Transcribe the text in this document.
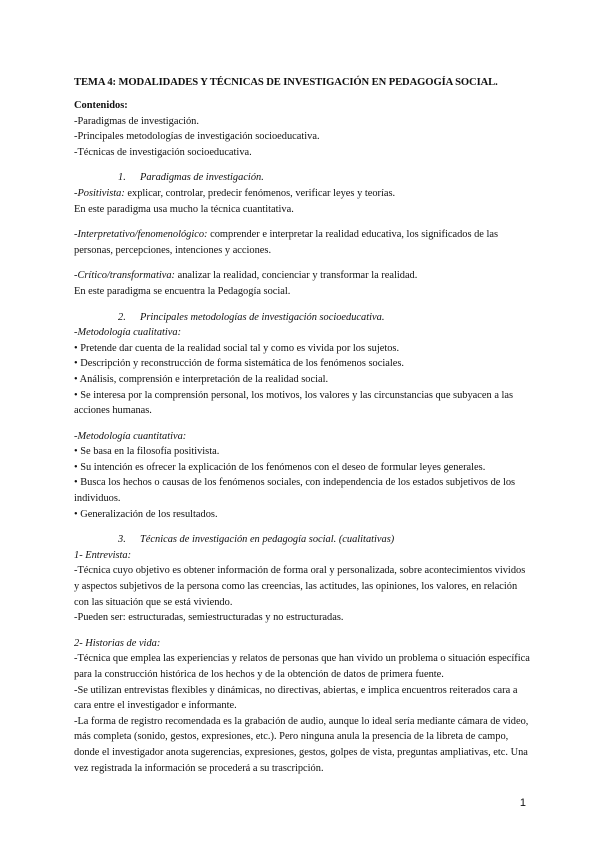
TEMA 4: MODALIDADES Y TÉCNICAS DE INVESTIGACIÓN EN PEDAGOGÍA SOCIAL.

Contenidos:

-Paradigmas de investigación.

-Principales metodologías de investigación socioeducativa.

-Técnicas de investigación socioeducativa.

1. Paradigmas de investigación.

-Positivista: explicar, controlar, predecir fenómenos, verificar leyes y teorías.

En este paradigma usa mucho la técnica cuantitativa.

-Interpretativo/fenomenológico: comprender e interpretar la realidad educativa, los significados de las personas, percepciones, intenciones y acciones.

-Crítico/transformativa: analizar la realidad, concienciar y transformar la realidad.

En este paradigma se encuentra la Pedagogía social.

2. Principales metodologías de investigación socioeducativa.

-Metodología cualitativa:

• Pretende dar cuenta de la realidad social tal y como es vivida por los sujetos.

• Descripción y reconstrucción de forma sistemática de los fenómenos sociales.

• Análisis, comprensión e interpretación de la realidad social.

• Se interesa por la comprensión personal, los motivos, los valores y las circunstancias que subyacen a las acciones humanas.

-Metodología cuantitativa:

• Se basa en la filosofía positivista.

• Su intención es ofrecer la explicación de los fenómenos con el deseo de formular leyes generales.

• Busca los hechos o causas de los fenómenos sociales, con independencia de los estados subjetivos de los individuos.

• Generalización de los resultados.

3. Técnicas de investigación en pedagogía social. (cualitativas)

1- Entrevista:

-Técnica cuyo objetivo es obtener información de forma oral y personalizada, sobre acontecimientos vividos y aspectos subjetivos de la persona como las creencias, las actitudes, las opiniones, los valores, en relación con las situación que se está viviendo.

-Pueden ser: estructuradas, semiestructuradas y no estructuradas.

2- Historias de vida:

-Técnica que emplea las experiencias y relatos de personas que han vivido un problema o situación específica para la construcción histórica de los hechos y de la obtención de datos de primera fuente.

-Se utilizan entrevistas flexibles y dinámicas, no directivas, abiertas, e implica encuentros reiterados cara a cara entre el investigador e informante.

-La forma de registro recomendada es la grabación de audio, aunque lo ideal sería mediante cámara de video, más completa (sonido, gestos, expresiones, etc.). Pero ninguna anula la presencia de la libreta de campo, donde el investigador anota sugerencias, expresiones, gestos, golpes de vista, preguntas ampliativas, etc. Una vez registrada la información se procederá a su trascripción.

1
